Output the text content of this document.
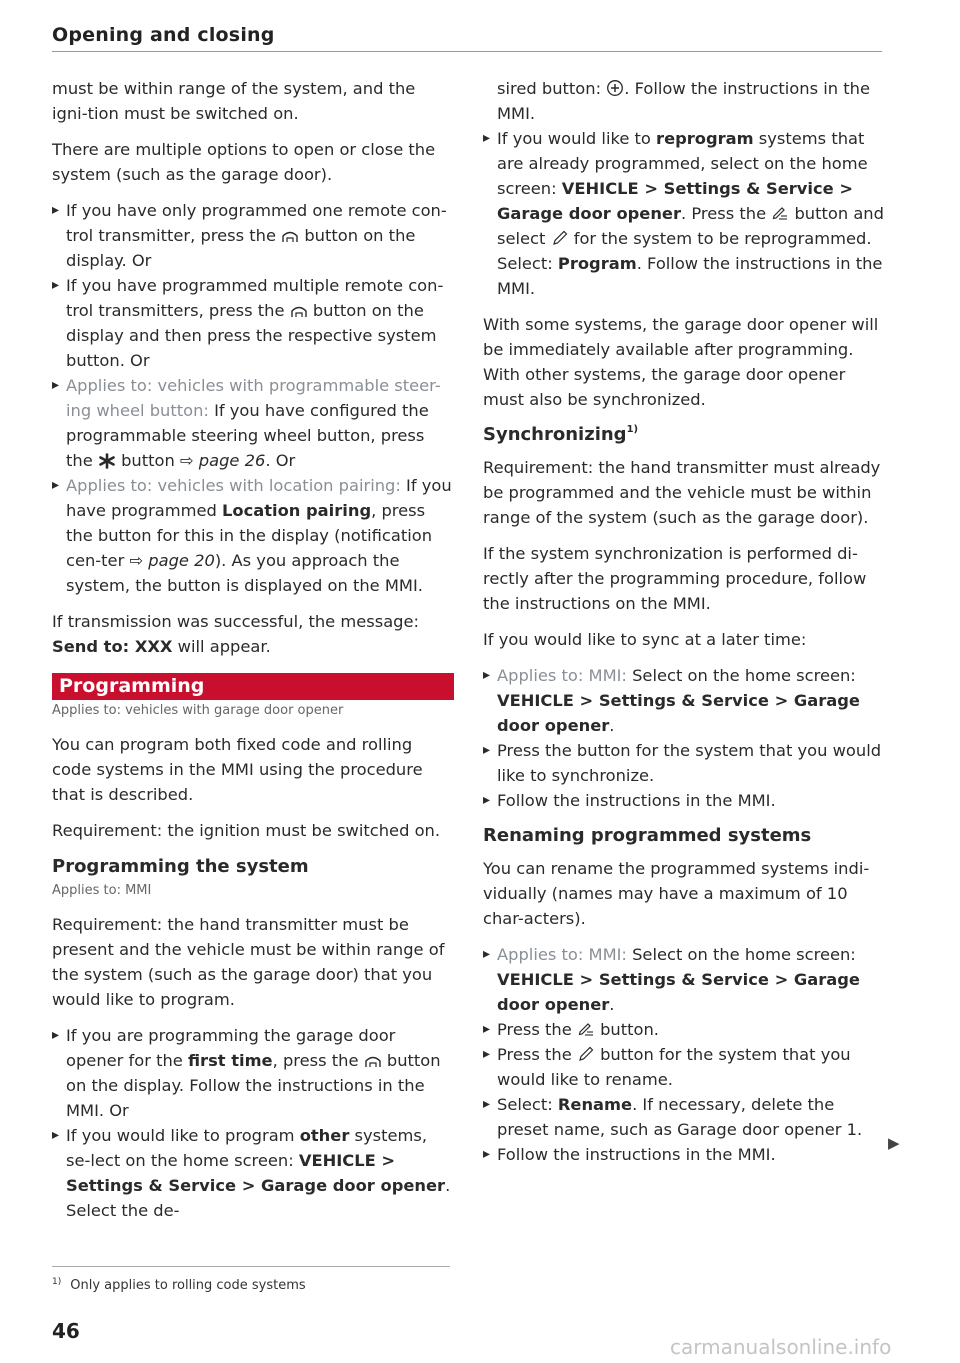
Opening and closing

must be within range of the system, and the igni-tion must be switched on.

There are multiple options to open or close the system (such as the garage door).

▸ If you have only programmed one remote con-trol transmitter, press the  button on the display. Or
▸ If you have programmed multiple remote con-trol transmitters, press the  button on the display and then press the respective system button. Or
▸ Applies to: vehicles with programmable steer-ing wheel button: If you have configured the programmable steering wheel button, press the  button ⇨ page 26. Or
▸ Applies to: vehicles with location pairing: If you have programmed Location pairing, press the button for this in the display (notification cen-ter ⇨ page 20). As you approach the system, the button is displayed on the MMI.

If transmission was successful, the message: Send to: XXX will appear.

Programming

Applies to: vehicles with garage door opener

You can program both fixed code and rolling code systems in the MMI using the procedure that is described.

Requirement: the ignition must be switched on.

Programming the system

Applies to: MMI

Requirement: the hand transmitter must be present and the vehicle must be within range of the system (such as the garage door) that you would like to program.

▸ If you are programming the garage door opener for the first time, press the  button on the display. Follow the instructions in the MMI. Or
▸ If you would like to program other systems, se-lect on the home screen: VEHICLE > Settings & Service > Garage door opener. Select the de-
sired button: . Follow the instructions in the MMI.
▸ If you would like to reprogram systems that are already programmed, select on the home screen: VEHICLE > Settings & Service > Garage door opener. Press the  button and select  for the system to be reprogrammed. Select: Program. Follow the instructions in the MMI.

With some systems, the garage door opener will be immediately available after programming. With other systems, the garage door opener must also be synchronized.

Synchronizing$^{1)}$

Requirement: the hand transmitter must already be programmed and the vehicle must be within range of the system (such as the garage door).

If the system synchronization is performed di-rectly after the programming procedure, follow the instructions on the MMI.

If you would like to sync at a later time:

▸ Applies to: MMI: Select on the home screen: VEHICLE > Settings & Service > Garage door opener.
▸ Press the button for the system that you would like to synchronize.
▸ Follow the instructions in the MMI.
Renaming programmed systems

You can rename the programmed systems indi-vidually (names may have a maximum of 10 char-acters).

▸ Applies to: MMI: Select on the home screen: VEHICLE > Settings & Service > Garage door opener.
▸ Press the  button.
▸ Press the  button for the system that you would like to rename.
▸ Select: Rename. If necessary, delete the preset name, such as Garage door opener 1.
▸ Follow the instructions in the MMI.
▶
$^{1)}$ Only applies to rolling code systems
46
carmanualsonline.info
